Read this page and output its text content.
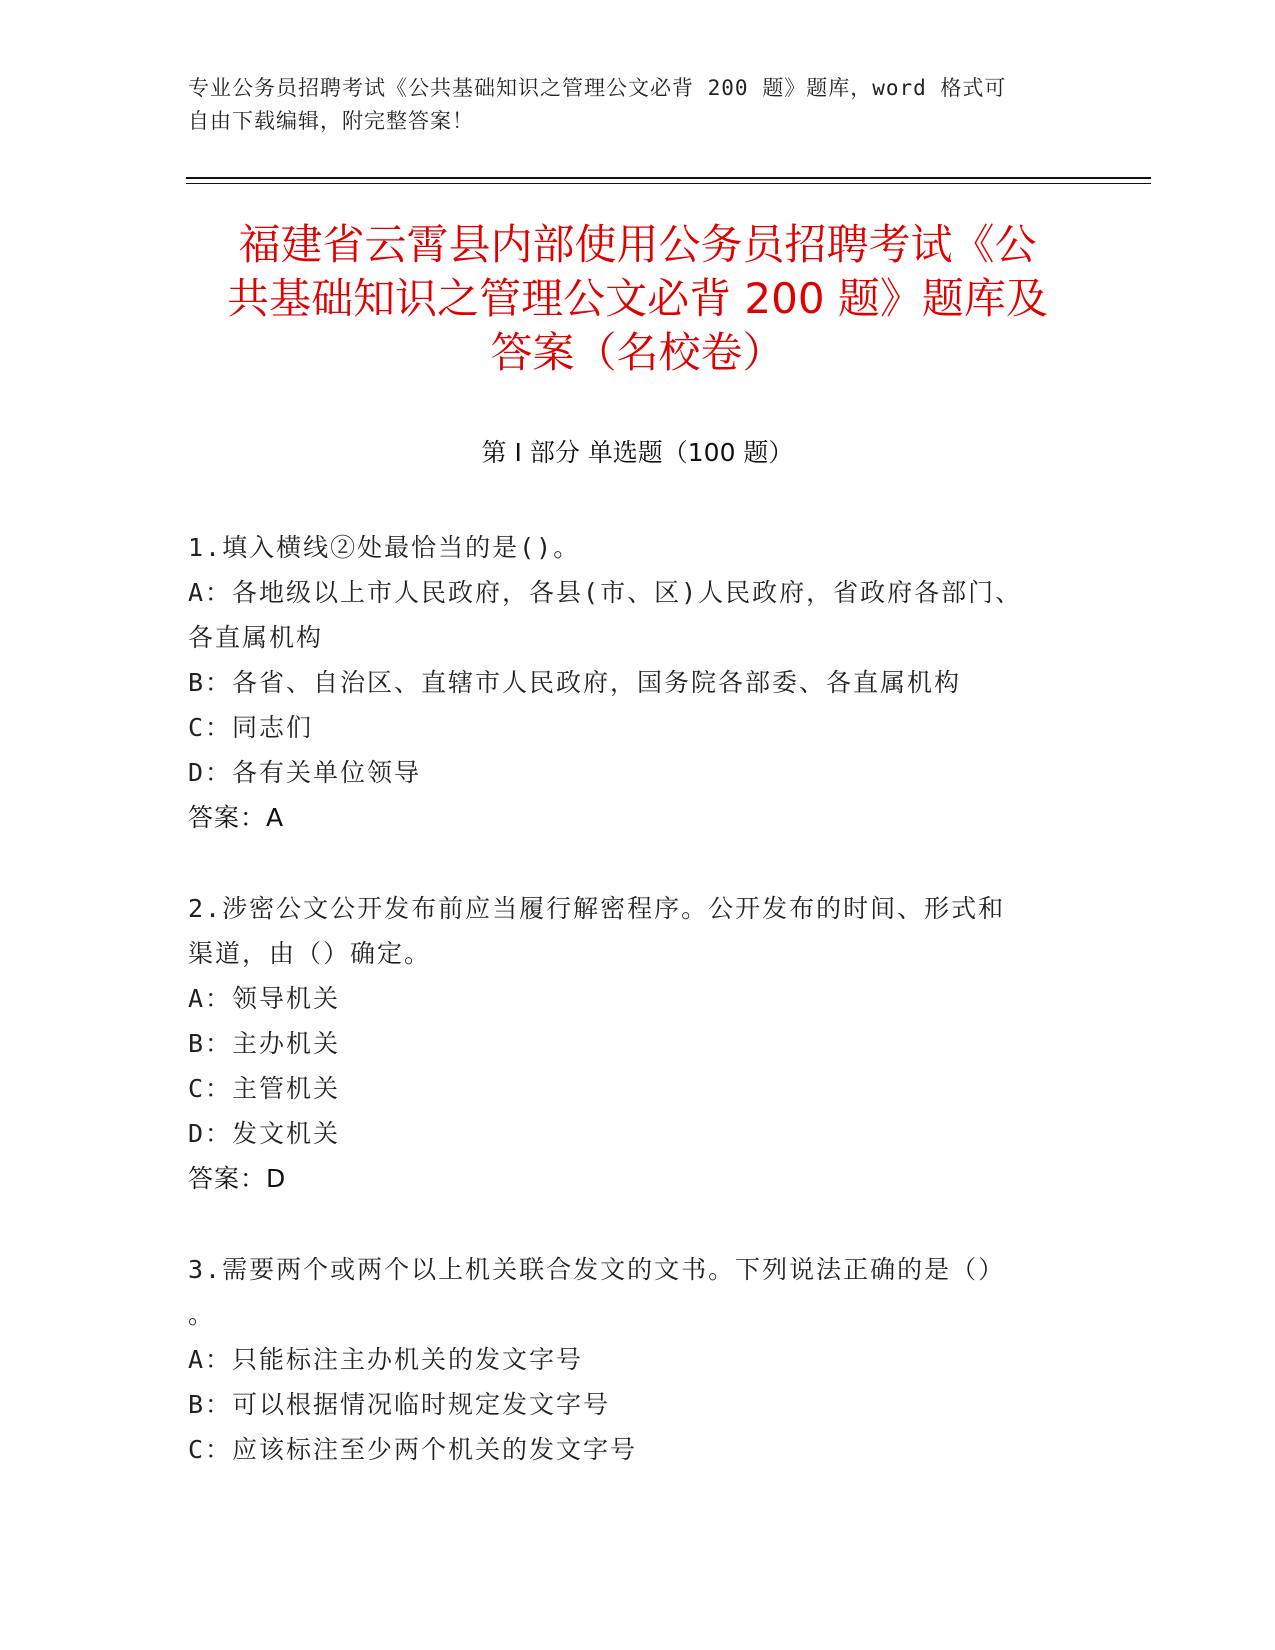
专业公务员招聘考试《公共基础知识之管理公文必背 200 题》题库，word 格式可
自由下载编辑，附完整答案！
福建省云霄县内部使用公务员招聘考试《公
共基础知识之管理公文必背 200 题》题库及
答案（名校卷）
第 I 部分 单选题（100 题）

1.填入横线②处最恰当的是()。

A：各地级以上市人民政府，各县(市、区)人民政府，省政府各部门、

各直属机构

B：各省、自治区、直辖市人民政府，国务院各部委、各直属机构

C：同志们

D：各有关单位领导

答案：A

2.涉密公文公开发布前应当履行解密程序。公开发布的时间、形式和

渠道，由（）确定。

A：领导机关

B：主办机关

C：主管机关

D：发文机关

答案：D

3.需要两个或两个以上机关联合发文的文书。下列说法正确的是（）

。

A：只能标注主办机关的发文字号

B：可以根据情况临时规定发文字号

C：应该标注至少两个机关的发文字号
